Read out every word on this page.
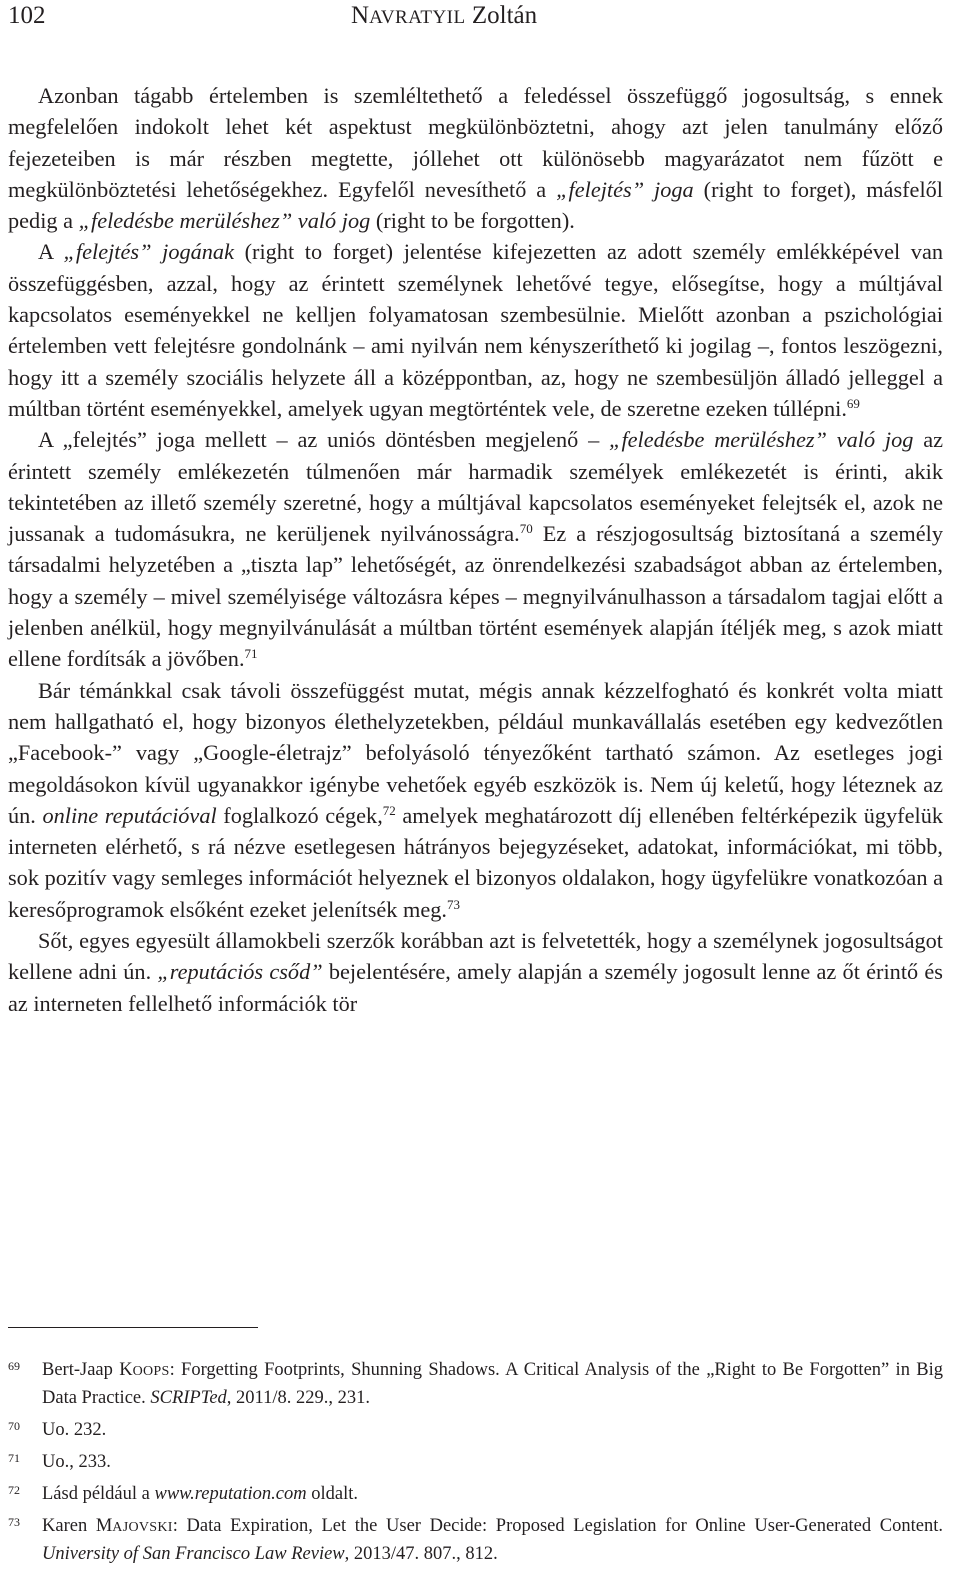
102	NAVRATYIL Zoltán

Azonban tágabb értelemben is szemléltethető a feledéssel összefüggő jogosultság, s ennek megfelelően indokolt lehet két aspektust megkülönböztetni, ahogy azt jelen tanulmány előző fejezeteiben is már részben megtette, jóllehet ott különösebb magyarázatot nem fűzött e megkülönböztetési lehetőségekhez. Egyfelől nevesíthető a „felejtés” joga (right to forget), másfelől pedig a „feledésbe merüléshez” való jog (right to be forgotten).

A „felejtés” jogának (right to forget) jelentése kifejezetten az adott személy emlékképével van összefüggésben, azzal, hogy az érintett személynek lehetővé tegye, elősegítse, hogy a múltjával kapcsolatos eseményekkel ne kelljen folyamatosan szembesülnie. Mielőtt azonban a pszichológiai értelemben vett felejtésre gondolnánk – ami nyilván nem kényszeríthető ki jogilag –, fontos leszögezni, hogy itt a személy szociális helyzete áll a középpontban, az, hogy ne szembesüljön álladó jelleggel a múltban történt eseményekkel, amelyek ugyan megtörténtek vele, de szeretne ezeken túllépni.$^{69}$

A „felejtés” joga mellett – az uniós döntésben megjelenő – „feledésbe merüléshez” való jog az érintett személy emlékezetén túlmenően már harmadik személyek emlékezetét is érinti, akik tekintetében az illető személy szeretné, hogy a múltjával kapcsolatos eseményeket felejtsék el, azok ne jussanak a tudomásukra, ne kerüljenek nyilvánosságra.$^{70}$ Ez a részjogosultság biztosítaná a személy társadalmi helyzetében a „tiszta lap” lehetőségét, az önrendelkezési szabadságot abban az értelemben, hogy a személy – mivel személyisége változásra képes – megnyilvánulhasson a társadalom tagjai előtt a jelenben anélkül, hogy megnyilvánulását a múltban történt események alapján ítéljék meg, s azok miatt ellene fordítsák a jövőben.$^{71}$

Bár témánkkal csak távoli összefüggést mutat, mégis annak kézzelfogható és konkrét volta miatt nem hallgatható el, hogy bizonyos élethelyzetekben, például munkavállalás esetében egy kedvezőtlen „Facebook-” vagy „Google-életrajz” befolyásoló tényezőként tartható számon. Az esetleges jogi megoldásokon kívül ugyanakkor igénybe vehetőek egyéb eszközök is. Nem új keletű, hogy léteznek az ún. online reputációval foglalkozó cégek,$^{72}$ amelyek meghatározott díj ellenében feltérképezik ügyfelük interneten elérhető, s rá nézve esetlegesen hátrányos bejegyzéseket, adatokat, információkat, mi több, sok pozitív vagy semleges információt helyeznek el bizonyos oldalakon, hogy ügyfelükre vonatkozóan a keresőprogramok elsőként ezeket jelenítsék meg.$^{73}$

Sőt, egyes egyesült államokbeli szerzők korábban azt is felvetették, hogy a személynek jogosultságot kellene adni ún. „reputációs csőd” bejelentésére, amely alapján a személy jogosult lenne az őt érintő és az interneten fellelhető információk tör

69	Bert-Jaap KOOPS: Forgetting Footprints, Shunning Shadows. A Critical Analysis of the „Right to Be Forgotten” in Big Data Practice. SCRIPTed, 2011/8. 229., 231.
70	Uo. 232.
71	Uo., 233.
72	Lásd például a www.reputation.com oldalt.
73	Karen MAJOVSKI: Data Expiration, Let the User Decide: Proposed Legislation for Online User-Generated Content. University of San Francisco Law Review, 2013/47. 807., 812.
